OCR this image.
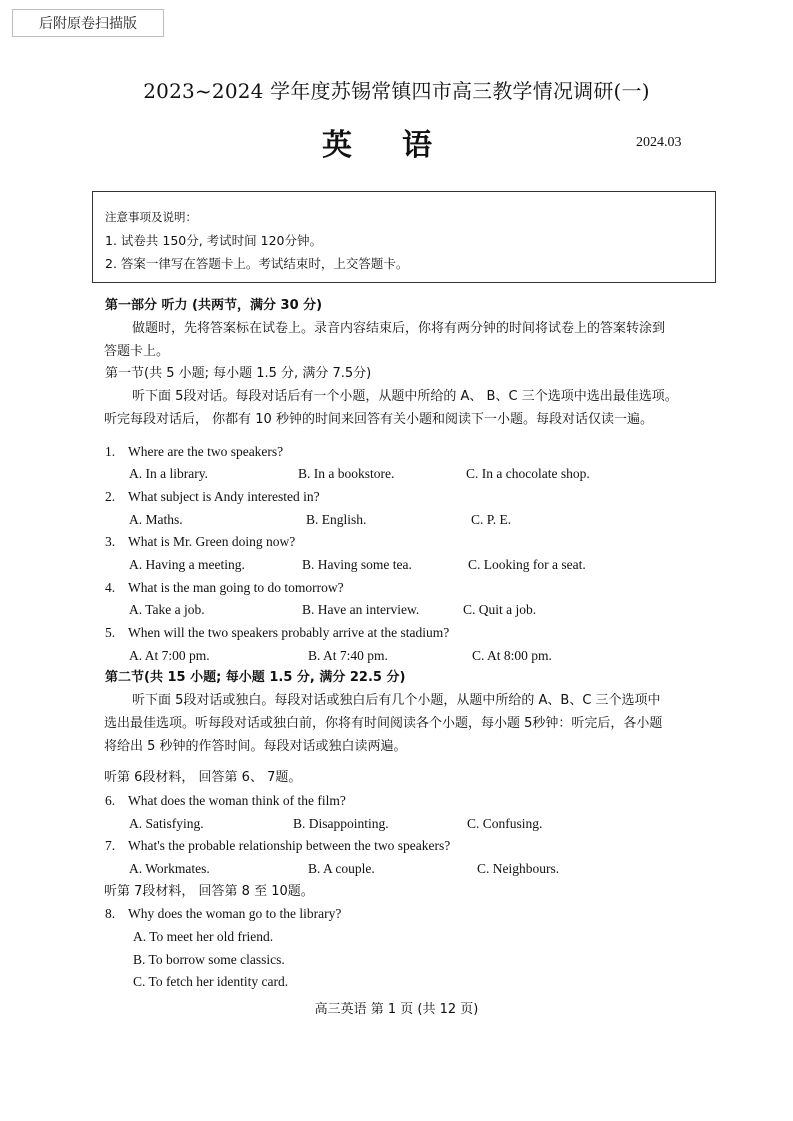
后附原卷扫描版
2023~2024 学年度苏锡常镇四市高三教学情况调研(一)
英语	2024.03
注意事项及说明：
1. 试卷共 150分, 考试时间 120分钟。
2. 答案一律写在答题卡上。考试结束时，上交答题卡。
第一部分 听力 (共两节，满分 30 分)
做题时，先将答案标在试卷上。录音内容结束后，你将有两分钟的时间将试卷上的答案转涂到
答题卡上。
第一节(共 5 小题; 每小题 1.5 分, 满分 7.5分)
听下面 5段对话。每段对话后有一个小题，从题中所给的 A、 B、C 三个选项中选出最佳选项。
听完每段对话后， 你都有 10 秒钟的时间来回答有关小题和阅读下一小题。每段对话仅读一遍。
1. Where are the two speakers?
A. In a library.	B. In a bookstore.	C. In a chocolate shop.
2. What subject is Andy interested in?
A. Maths.	B. English.	C. P. E.
3. What is Mr. Green doing now?
A. Having a meeting.	B. Having some tea.	C. Looking for a seat.
4. What is the man going to do tomorrow?
A. Take a job.	B. Have an interview.	C. Quit a job.
5. When will the two speakers probably arrive at the stadium?
A. At 7:00 pm.	B. At 7:40 pm.	C. At 8:00 pm.
第二节(共 15 小题; 每小题 1.5 分, 满分 22.5 分)
听下面 5段对话或独白。每段对话或独白后有几个小题，从题中所给的 A、B、C 三个选项中
选出最佳选项。听每段对话或独白前，你将有时间阅读各个小题，每小题 5秒钟：听完后，各小题
将给出 5 秒钟的作答时间。每段对话或独白读两遍。
听第 6段材料， 回答第 6、 7题。
6. What does the woman think of the film?
A. Satisfying.	B. Disappointing.	C. Confusing.
7. What's the probable relationship between the two speakers?
A. Workmates.	B. A couple.	C. Neighbours.
听第 7段材料， 回答第 8 至 10题。
8. Why does the woman go to the library?
A. To meet her old friend.
B. To borrow some classics.
C. To fetch her identity card.
高三英语 第 1 页 (共 12 页)
